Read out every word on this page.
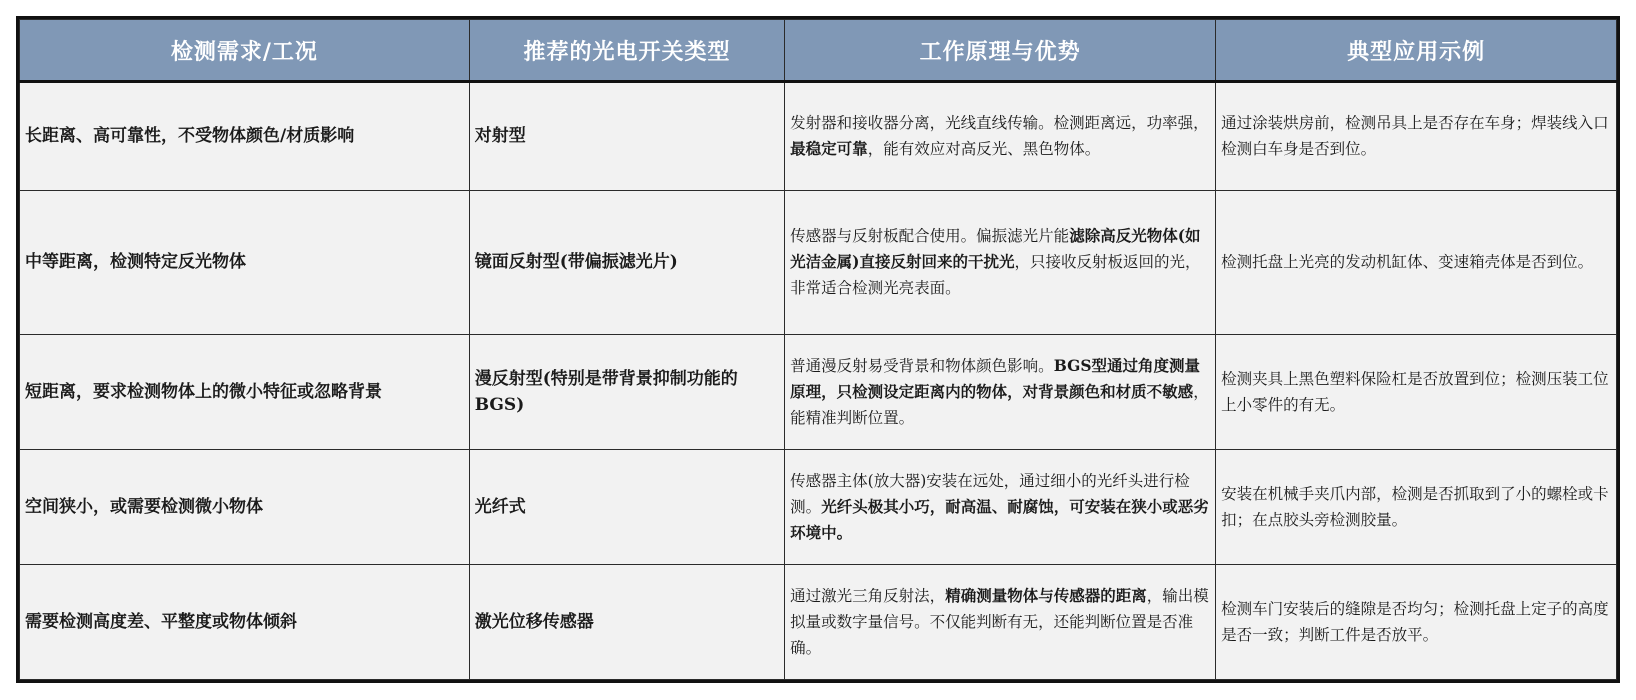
检测需求/工况	推荐的光电开关类型	工作原理与优势	典型应用示例
长距离、高可靠性，不受物体颜色/材质影响	对射型	发射器和接收器分离，光线直线传输。检测距离远，功率强，最稳定可靠，能有效应对高反光、黑色物体。	通过涂装烘房前，检测吊具上是否存在车身；焊装线入口检测白车身是否到位。
中等距离，检测特定反光物体	镜面反射型(带偏振滤光片)	传感器与反射板配合使用。偏振滤光片能滤除高反光物体(如光洁金属)直接反射回来的干扰光，只接收反射板返回的光，非常适合检测光亮表面。	检测托盘上光亮的发动机缸体、变速箱壳体是否到位。
短距离，要求检测物体上的微小特征或忽略背景	漫反射型(特别是带背景抑制功能的BGS)	普通漫反射易受背景和物体颜色影响。BGS型通过角度测量原理，只检测设定距离内的物体，对背景颜色和材质不敏感，能精准判断位置。	检测夹具上黑色塑料保险杠是否放置到位；检测压装工位上小零件的有无。
空间狭小，或需要检测微小物体	光纤式	传感器主体(放大器)安装在远处，通过细小的光纤头进行检测。光纤头极其小巧，耐高温、耐腐蚀，可安装在狭小或恶劣环境中。	安装在机械手夹爪内部，检测是否抓取到了小的螺栓或卡扣；在点胶头旁检测胶量。
需要检测高度差、平整度或物体倾斜	激光位移传感器	通过激光三角反射法，精确测量物体与传感器的距离，输出模拟量或数字量信号。不仅能判断有无，还能判断位置是否准确。	检测车门安装后的缝隙是否均匀；检测托盘上定子的高度是否一致；判断工件是否放平。
